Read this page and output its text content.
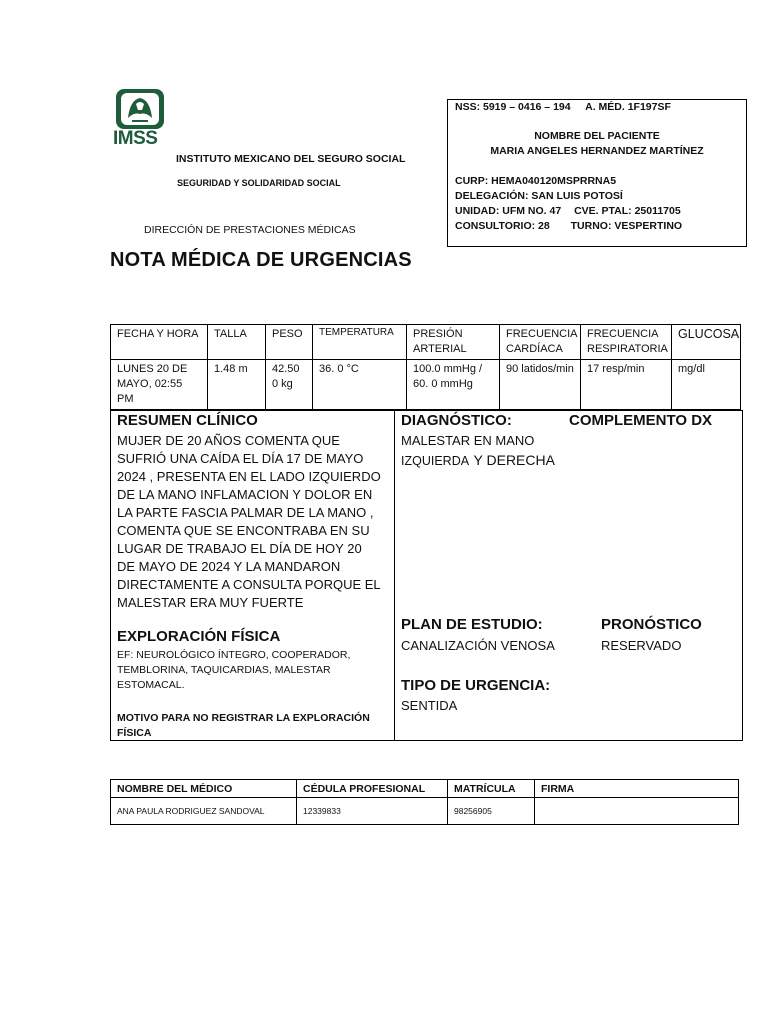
IMSS
INSTITUTO MEXICANO DEL SEGURO SOCIAL
SEGURIDAD Y SOLIDARIDAD SOCIAL
DIRECCIÓN DE PRESTACIONES MÉDICAS
NOTA MÉDICA DE URGENCIAS
NSS: 5919 – 0416 – 194 A. MÉD. 1F197SF
NOMBRE DEL PACIENTE
MARIA ANGELES HERNANDEZ MARTÍNEZ
CURP: HEMA040120MSPRRNA5
DELEGACIÓN: SAN LUIS POTOSÍ
UNIDAD: UFM NO. 47 CVE. PTAL: 25011705
CONSULTORIO: 28 TURNO: VESPERTINO
FECHA Y HORA	TALLA	PESO	TEMPERATURA	PRESIÓN ARTERIAL	FRECUENCIA CARDÍACA	FRECUENCIA RESPIRATORIA	GLUCOSA
LUNES 20 DE MAYO, 02:55 PM	1.48 m	42.50 0 kg	36. 0 °C	100.0 mmHg / 60. 0 mmHg	90 latidos/min	17 resp/min	mg/dl
RESUMEN CLÍNICO
MUJER DE 20 AÑOS COMENTA QUE SUFRIÓ UNA CAÍDA EL DÍA 17 DE MAYO 2024 , PRESENTA EN EL LADO IZQUIERDO DE LA MANO INFLAMACION Y DOLOR EN LA PARTE FASCIA PALMAR DE LA MANO , COMENTA QUE SE ENCONTRABA EN SU LUGAR DE TRABAJO EL DÍA DE HOY 20 DE MAYO DE 2024 Y LA MANDARON DIRECTAMENTE A CONSULTA PORQUE EL MALESTAR ERA MUY FUERTE
EXPLORACIÓN FÍSICA
EF: NEUROLÓGICO ÍNTEGRO, COOPERADOR, TEMBLORINA, TAQUICARDIAS, MALESTAR ESTOMACAL.
MOTIVO PARA NO REGISTRAR LA EXPLORACIÓN FÍSICA
DIAGNÓSTICO:	COMPLEMENTO DX
MALESTAR EN MANO
IZQUIERDA Y DERECHA
PLAN DE ESTUDIO:
CANALIZACIÓN VENOSA
PRONÓSTICO
RESERVADO
TIPO DE URGENCIA:
SENTIDA
NOMBRE DEL MÉDICO	CÉDULA PROFESIONAL	MATRÍCULA	FIRMA
ANA PAULA RODRIGUEZ SANDOVAL	12339833	98256905	
